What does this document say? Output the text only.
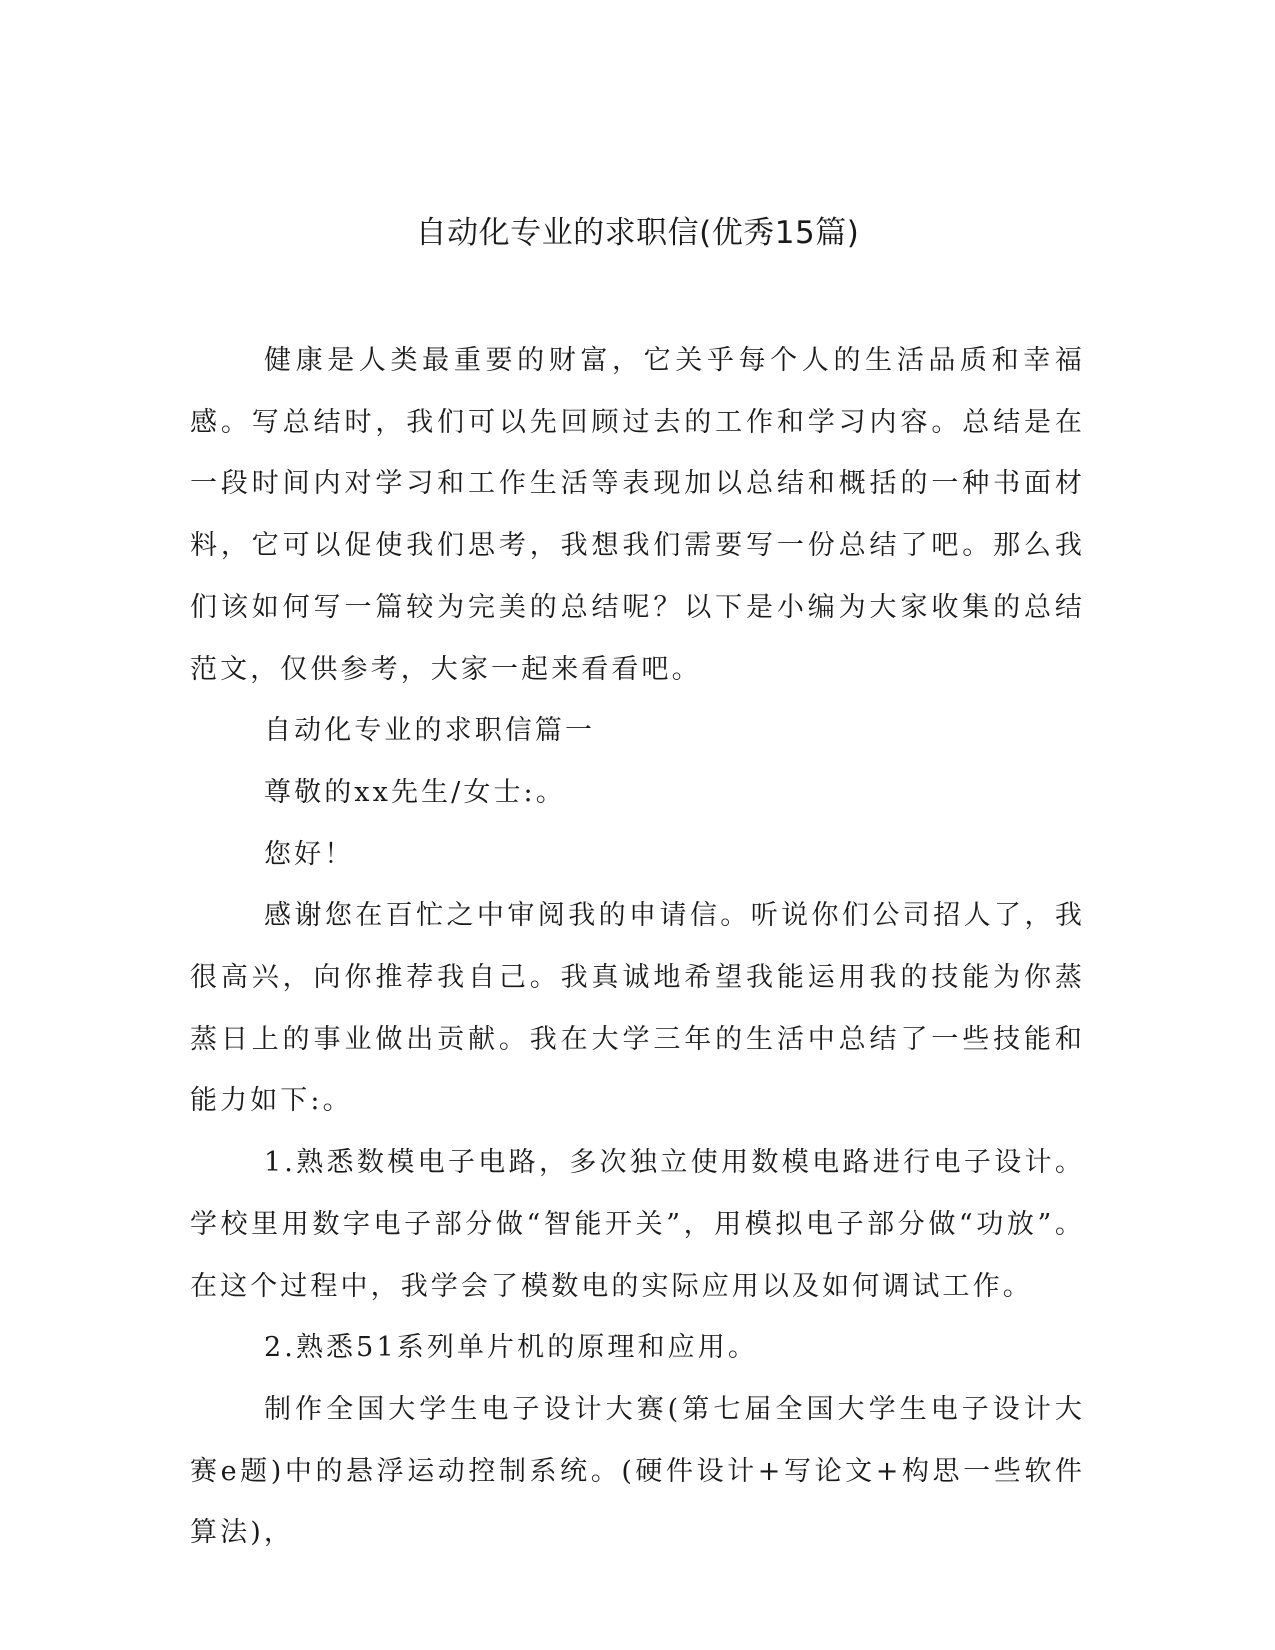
自动化专业的求职信(优秀15篇)

健康是人类最重要的财富，它关乎每个人的生活品质和幸福感。写总结时，我们可以先回顾过去的工作和学习内容。总结是在一段时间内对学习和工作生活等表现加以总结和概括的一种书面材料，它可以促使我们思考，我想我们需要写一份总结了吧。那么我们该如何写一篇较为完美的总结呢？以下是小编为大家收集的总结范文，仅供参考，大家一起来看看吧。

自动化专业的求职信篇一

尊敬的xx先生/女士:。

您好！

感谢您在百忙之中审阅我的申请信。听说你们公司招人了，我很高兴，向你推荐我自己。我真诚地希望我能运用我的技能为你蒸蒸日上的事业做出贡献。我在大学三年的生活中总结了一些技能和能力如下:。

1.熟悉数模电子电路，多次独立使用数模电路进行电子设计。学校里用数字电子部分做“智能开关”，用模拟电子部分做“功放”。在这个过程中，我学会了模数电的实际应用以及如何调试工作。

2.熟悉51系列单片机的原理和应用。

制作全国大学生电子设计大赛(第七届全国大学生电子设计大赛e题)中的悬浮运动控制系统。(硬件设计+写论文+构思一些软件算法)，
